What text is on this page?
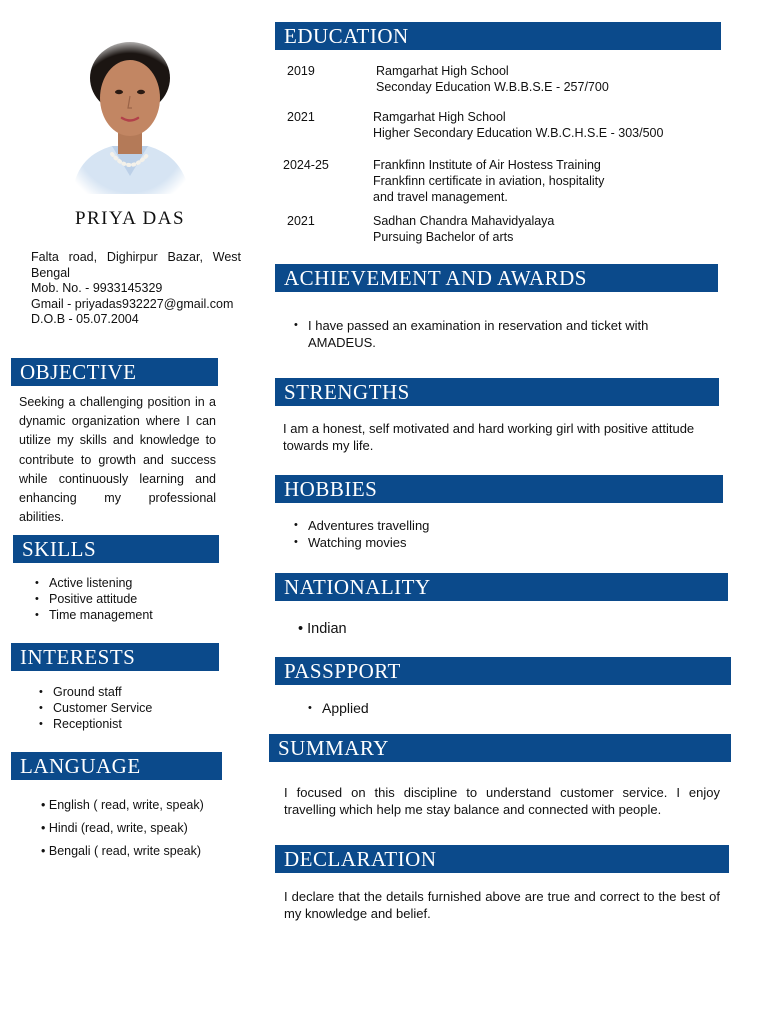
PRIYA DAS
Falta road, Dighirpur Bazar, West Bengal
Mob. No. - 9933145329
Gmail - priyadas932227@gmail.com
D.O.B - 05.07.2004
OBJECTIVE
Seeking a challenging position in a dynamic organization where I can utilize my skills and knowledge to contribute to growth and success while continuously learning and enhancing my professional abilities.
SKILLS
• Active listening
• Positive attitude
• Time management
INTERESTS
• Ground staff
• Customer Service
• Receptionist
LANGUAGE
• English ( read, write, speak)
• Hindi (read, write, speak)
• Bengali ( read, write speak)
EDUCATION
2019	Ramgarhat High School
Seconday Education W.B.B.S.E - 257/700
2021	Ramgarhat High School
Higher Secondary Education W.B.C.H.S.E - 303/500
2024-25	Frankfinn Institute of Air Hostess Training
Frankfinn certificate in aviation, hospitality
and travel management.
2021	Sadhan Chandra Mahavidyalaya
Pursuing Bachelor of arts
ACHIEVEMENT AND AWARDS
• I have passed an examination in reservation and ticket with AMADEUS.
STRENGTHS
I am a honest, self motivated and hard working girl with positive attitude towards my life.
HOBBIES
• Adventures travelling
• Watching movies
NATIONALITY
• Indian
PASSPPORT
• Applied
SUMMARY
I focused on this discipline to understand customer service. I enjoy travelling which help me stay balance and connected with people.
DECLARATION
I declare that the details furnished above are true and correct to the best of my knowledge and belief.
